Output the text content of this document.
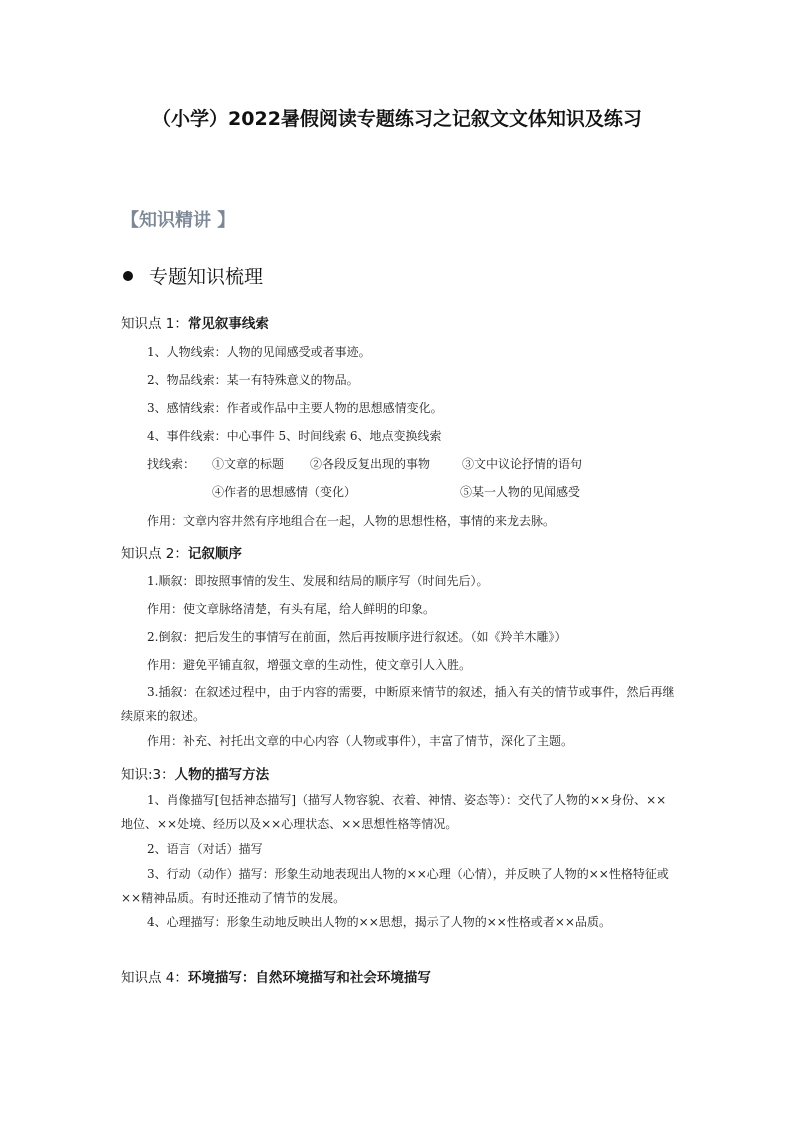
（小学）2022暑假阅读专题练习之记叙文文体知识及练习
【知识精讲 】
专题知识梳理
知识点 1：常见叙事线索
1、人物线索：人物的见闻感受或者事迹。
2、物品线索：某一有特殊意义的物品。
3、感情线索：作者或作品中主要人物的思想感情变化。
4、事件线索：中心事件 5、时间线索 6、地点变换线索
找线索： ①文章的标题 ②各段反复出现的事物	③文中议论抒情的语句
④作者的思想感情（变化）	⑤某一人物的见闻感受
作用：文章内容井然有序地组合在一起，人物的思想性格，事情的来龙去脉。
知识点 2：记叙顺序
1.顺叙：即按照事情的发生、发展和结局的顺序写（时间先后）。
作用：使文章脉络清楚，有头有尾，给人鲜明的印象。
2.倒叙：把后发生的事情写在前面，然后再按顺序进行叙述。（如《羚羊木雕》）
作用：避免平铺直叙，增强文章的生动性，使文章引人入胜。
3.插叙：在叙述过程中，由于内容的需要，中断原来情节的叙述，插入有关的情节或事件，然后再继续原来的叙述。
作用：补充、衬托出文章的中心内容（人物或事件），丰富了情节，深化了主题。
知识:3：人物的描写方法
1、肖像描写[包括神态描写]（描写人物容貌、衣着、神情、姿态等）：交代了人物的××身份、××地位、××处境、经历以及××心理状态、××思想性格等情况。
2、语言（对话）描写
3、行动（动作）描写：形象生动地表现出人物的××心理（心情），并反映了人物的××性格特征或××精神品质。有时还推动了情节的发展。
4、心理描写：形象生动地反映出人物的××思想，揭示了人物的××性格或者××品质。
知识点 4：环境描写：自然环境描写和社会环境描写
